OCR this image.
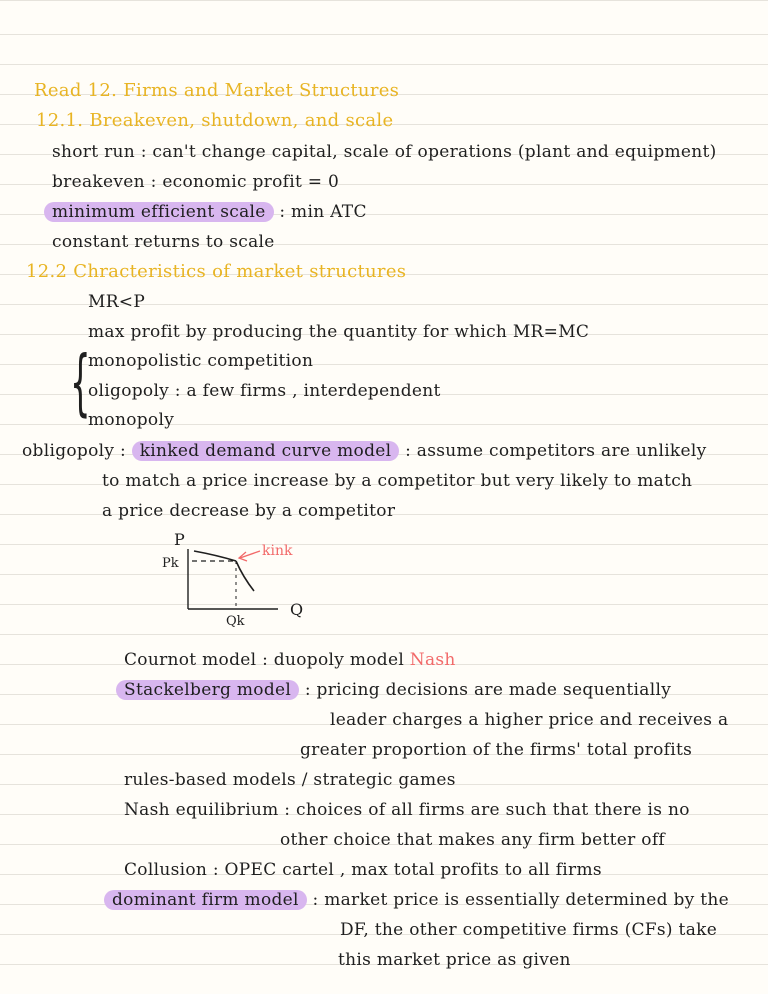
Read 12. Firms and Market Structures
12.1. Breakeven, shutdown, and scale
short run : can't change capital, scale of operations (plant and equipment)
breakeven : economic profit = 0
minimum efficient scale : min ATC
constant returns to scale
12.2 Chracteristics of market structures
MR<P
max profit by producing the quantity for which MR=MC
{
monopolistic competition
oligopoly : a few firms , interdependent
monopoly
obligopoly : kinked demand curve model : assume competitors are unlikely
to match a price increase by a competitor but very likely to match
a price decrease by a competitor
P
Pk
kink
Q
Qk
Cournot model : duopoly model Nash
Stackelberg model : pricing decisions are made sequentially
leader charges a higher price and receives a
greater proportion of the firms' total profits
rules-based models / strategic games
Nash equilibrium : choices of all firms are such that there is no
other choice that makes any firm better off
Collusion : OPEC cartel , max total profits to all firms
dominant firm model : market price is essentially determined by the
DF, the other competitive firms (CFs) take
this market price as given
